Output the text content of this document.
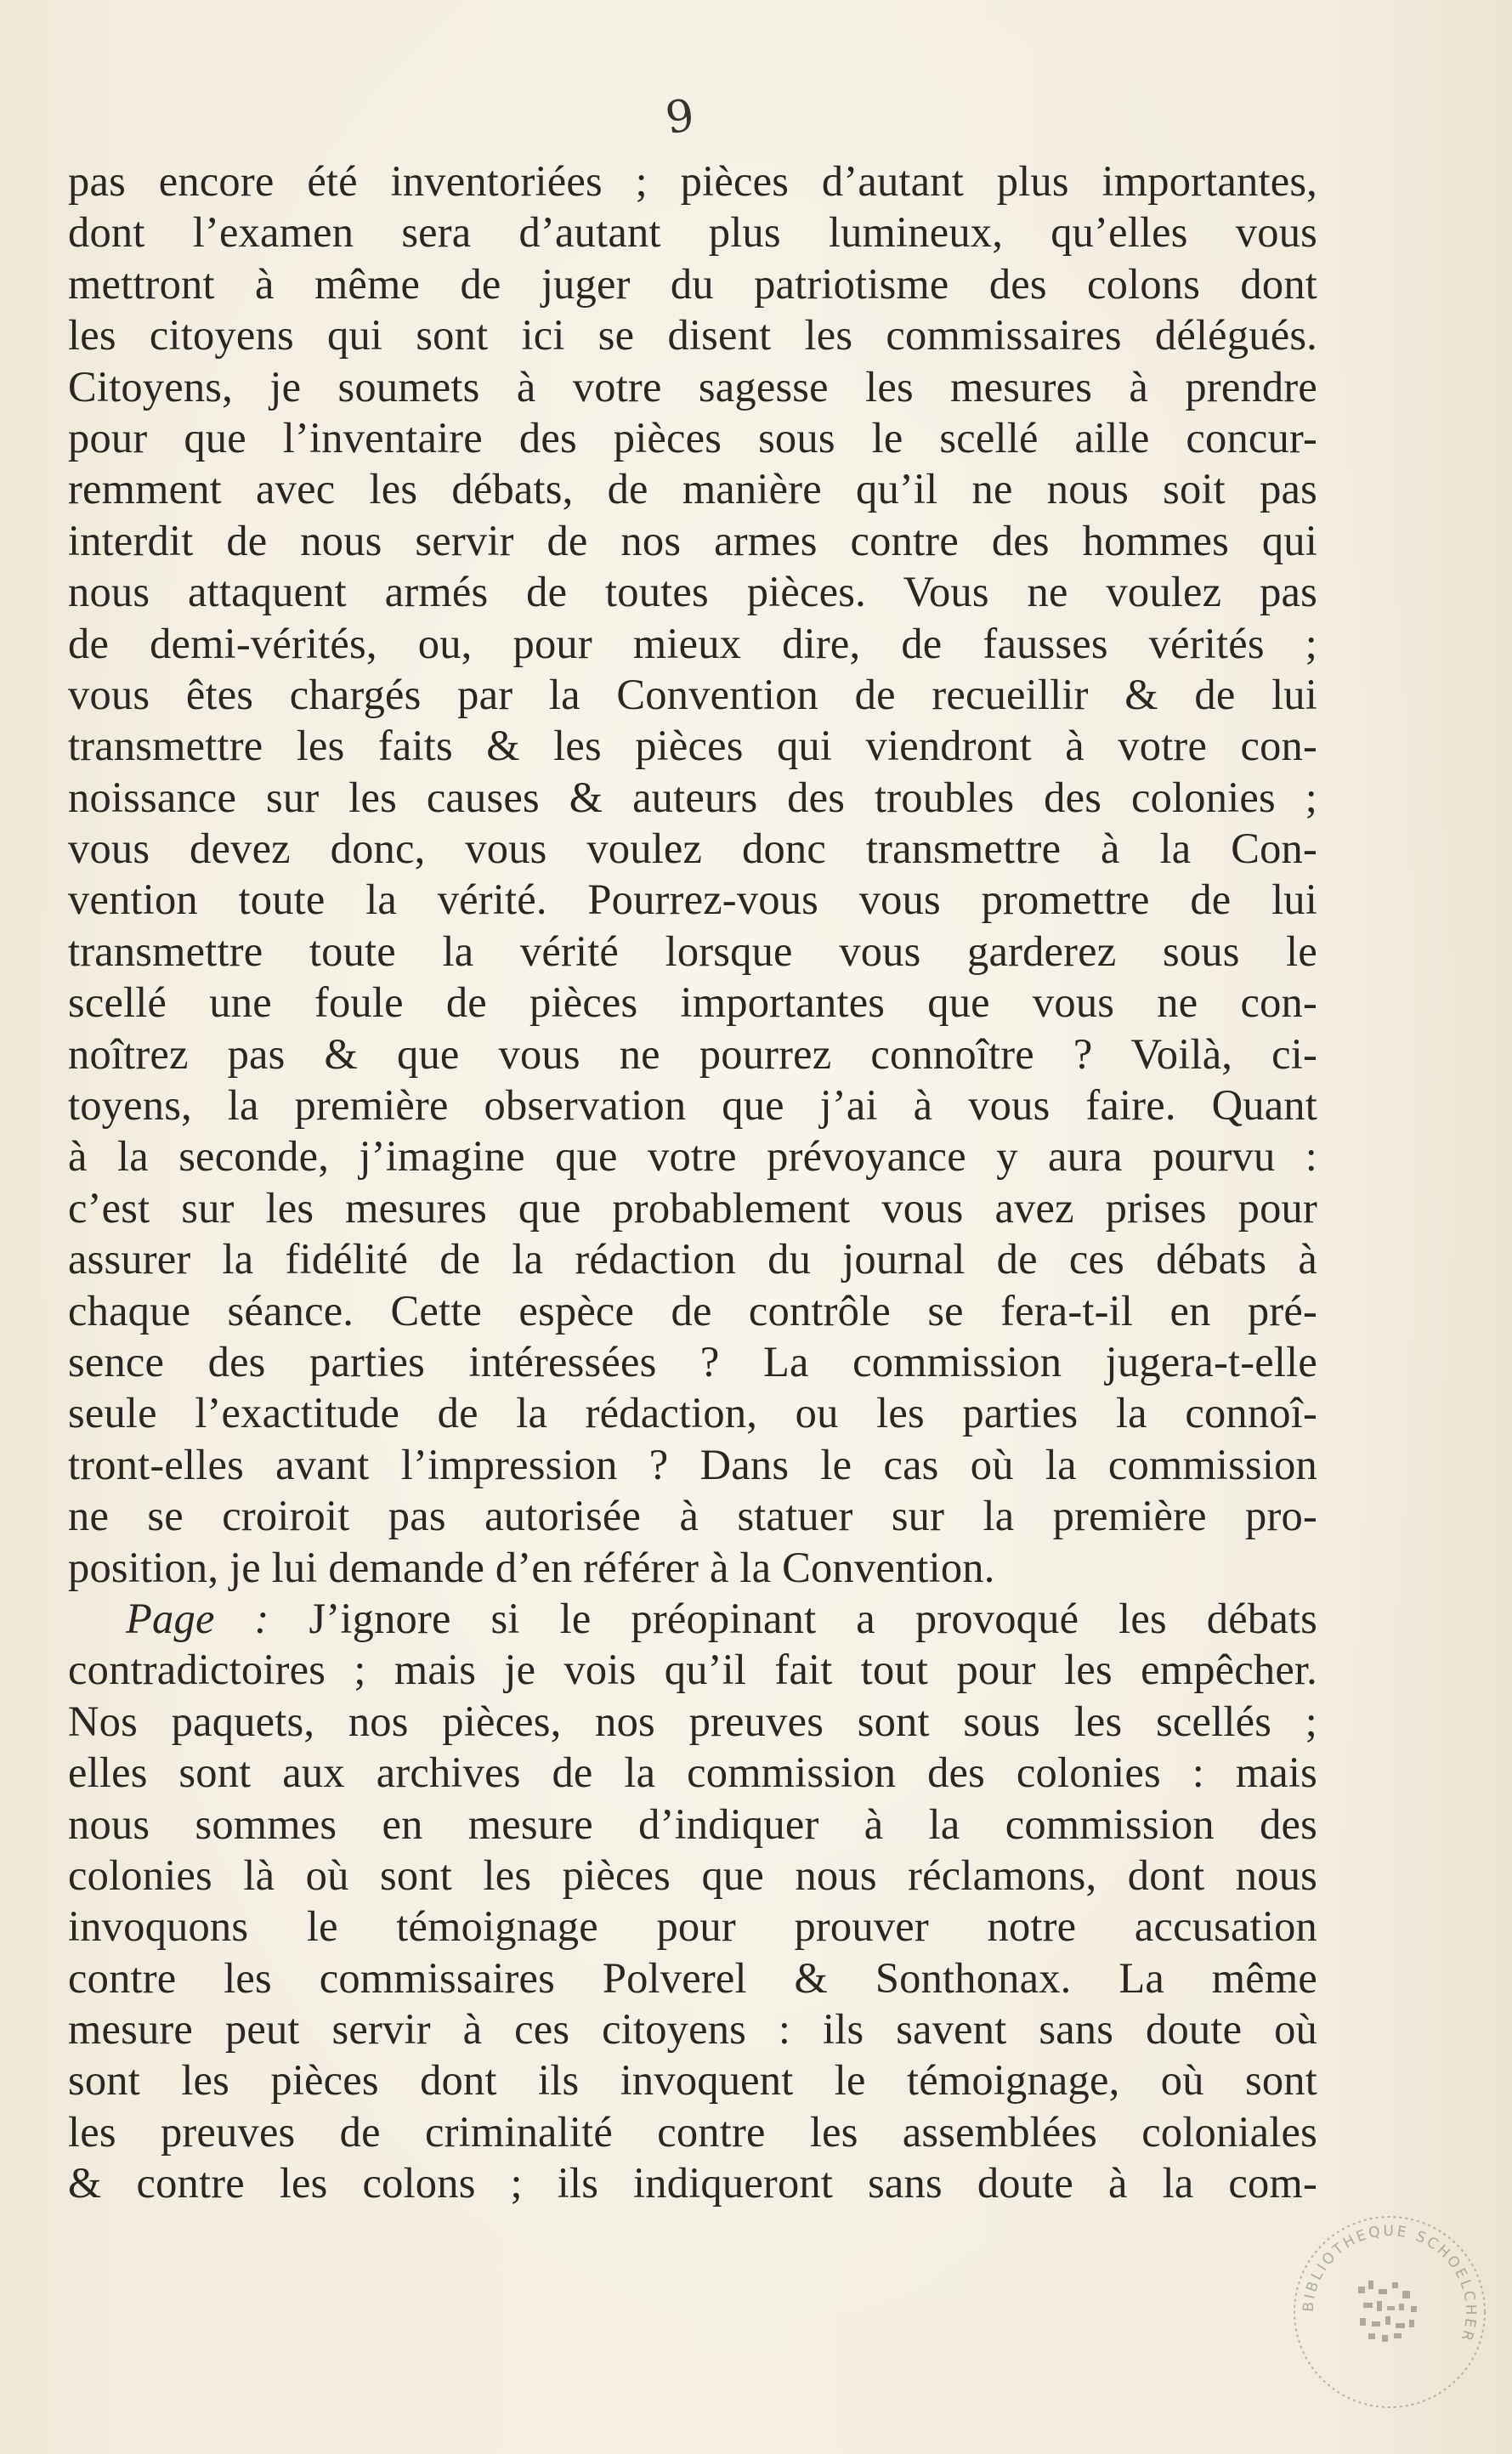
9
pas encore été inventoriées ; pièces d’autant plus importantes,
dont l’examen sera d’autant plus lumineux, qu’elles vous
mettront à même de juger du patriotisme des colons dont
les citoyens qui sont ici se disent les commissaires délégués.
Citoyens, je soumets à votre sagesse les mesures à prendre
pour que l’inventaire des pièces sous le scellé aille concur-
remment avec les débats, de manière qu’il ne nous soit pas
interdit de nous servir de nos armes contre des hommes qui
nous attaquent armés de toutes pièces. Vous ne voulez pas
de demi-vérités, ou, pour mieux dire, de fausses vérités ;
vous êtes chargés par la Convention de recueillir & de lui
transmettre les faits & les pièces qui viendront à votre con-
noissance sur les causes & auteurs des troubles des colonies ;
vous devez donc, vous voulez donc transmettre à la Con-
vention toute la vérité. Pourrez-vous vous promettre de lui
transmettre toute la vérité lorsque vous garderez sous le
scellé une foule de pièces importantes que vous ne con-
noîtrez pas & que vous ne pourrez connoître ? Voilà, ci-
toyens, la première observation que j’ai à vous faire. Quant
à la seconde, j’imagine que votre prévoyance y aura pourvu :
c’est sur les mesures que probablement vous avez prises pour
assurer la fidélité de la rédaction du journal de ces débats à
chaque séance. Cette espèce de contrôle se fera-t-il en pré-
sence des parties intéressées ? La commission jugera-t-elle
seule l’exactitude de la rédaction, ou les parties la connoî-
tront-elles avant l’impression ? Dans le cas où la commission
ne se croiroit pas autorisée à statuer sur la première pro-
position, je lui demande d’en référer à la Convention.
Page : J’ignore si le préopinant a provoqué les débats
contradictoires ; mais je vois qu’il fait tout pour les empêcher.
Nos paquets, nos pièces, nos preuves sont sous les scellés ;
elles sont aux archives de la commission des colonies : mais
nous sommes en mesure d’indiquer à la commission des
colonies là où sont les pièces que nous réclamons, dont nous
invoquons le témoignage pour prouver notre accusation
contre les commissaires Polverel & Sonthonax. La même
mesure peut servir à ces citoyens : ils savent sans doute où
sont les pièces dont ils invoquent le témoignage, où sont
les preuves de criminalité contre les assemblées coloniales
& contre les colons ; ils indiqueront sans doute à la com-
BIBLIOTHEQUE SCHOELCHER
